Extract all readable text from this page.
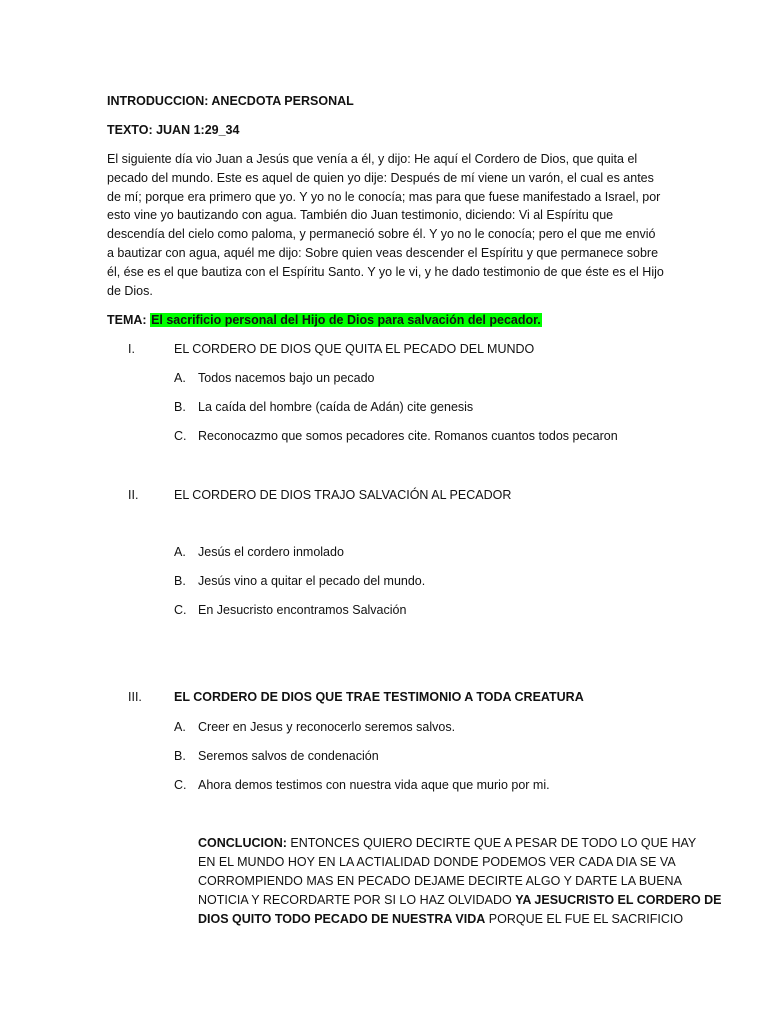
INTRODUCCION: ANECDOTA PERSONAL
TEXTO: JUAN 1:29_34
El siguiente día vio Juan a Jesús que venía a él, y dijo: He aquí el Cordero de Dios, que quita el
pecado del mundo. Este es aquel de quien yo dije: Después de mí viene un varón, el cual es antes
de mí; porque era primero que yo. Y yo no le conocía; mas para que fuese manifestado a Israel, por
esto vine yo bautizando con agua. También dio Juan testimonio, diciendo: Vi al Espíritu que
descendía del cielo como paloma, y permaneció sobre él. Y yo no le conocía; pero el que me envió
a bautizar con agua, aquél me dijo: Sobre quien veas descender el Espíritu y que permanece sobre
él, ése es el que bautiza con el Espíritu Santo. Y yo le vi, y he dado testimonio de que éste es el Hijo
de Dios.
TEMA: El sacrificio personal del Hijo de Dios para salvación del pecador.
I.	EL CORDERO DE DIOS QUE QUITA EL PECADO DEL MUNDO
A. Todos nacemos bajo un pecado
B. La caída del hombre (caída de Adán) cite genesis
C. Reconocazmo que somos pecadores cite. Romanos cuantos todos pecaron
II.	EL CORDERO DE DIOS TRAJO SALVACIÓN AL PECADOR
A. Jesús el cordero inmolado
B. Jesús vino a quitar el pecado del mundo.
C. En Jesucristo encontramos Salvación
III.	EL CORDERO DE DIOS QUE TRAE TESTIMONIO A TODA CREATURA
A. Creer en Jesus y reconocerlo seremos salvos.
B. Seremos salvos de condenación
C. Ahora demos testimos con nuestra vida aque que murio por mi.
CONCLUCION: ENTONCES QUIERO DECIRTE QUE A PESAR DE TODO LO QUE HAY
EN EL MUNDO HOY EN LA ACTIALIDAD DONDE PODEMOS VER CADA DIA SE VA
CORROMPIENDO MAS EN PECADO DEJAME DECIRTE ALGO Y DARTE LA BUENA
NOTICIA Y RECORDARTE POR SI LO HAZ OLVIDADO YA JESUCRISTO EL CORDERO DE
DIOS QUITO TODO PECADO DE NUESTRA VIDA PORQUE EL FUE EL SACRIFICIO
